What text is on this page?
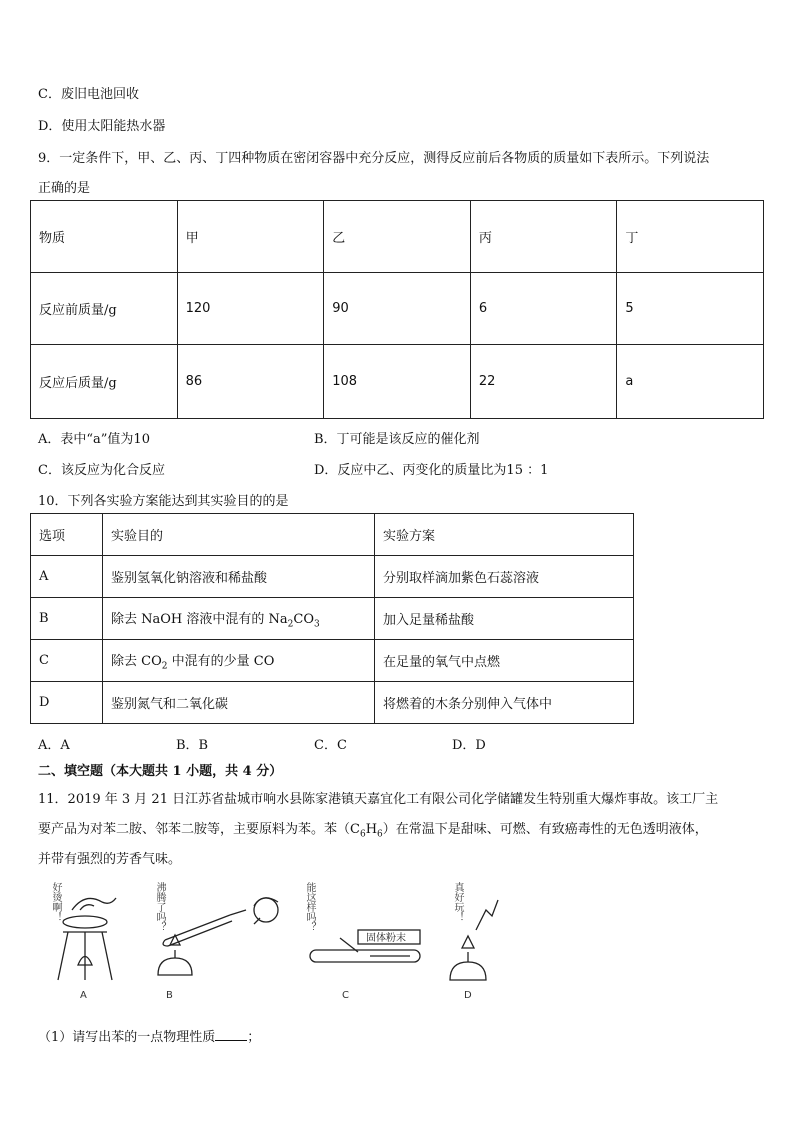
C．废旧电池回收
D．使用太阳能热水器
9．一定条件下，甲、乙、丙、丁四种物质在密闭容器中充分反应，测得反应前后各物质的质量如下表所示。下列说法
正确的是
物质	甲	乙	丙	丁
反应前质量/g	120	90	6	5
反应后质量/g	86	108	22	a
A．表中“a”值为10	B．丁可能是该反应的催化剂
C．该反应为化合反应	D．反应中乙、丙变化的质量比为15 ：1
10．下列各实验方案能达到其实验目的的是
选项	实验目的	实验方案
A	鉴别氢氧化钠溶液和稀盐酸	分别取样滴加紫色石蕊溶液
B	除去 NaOH 溶液中混有的 $Na_2CO_3$	加入足量稀盐酸
C	除去 $CO_2$ 中混有的少量 CO	在足量的氧气中点燃
D	鉴别氮气和二氧化碳	将燃着的木条分别伸入气体中
A．A	B．B	C．C	D．D
二、填空题（本大题共 1 小题，共 4 分）
11．2019 年 3 月 21 日江苏省盐城市响水县陈家港镇天嘉宜化工有限公司化学储罐发生特别重大爆炸事故。该工厂主
要产品为对苯二胺、邻苯二胺等，主要原料为苯。苯$(C_6H_6)$在常温下是甜味、可燃、有致癌毒性的无色透明液体，
并带有强烈的芳香气味。
固体粉末
好烫啊！	沸腾了吗？	能这样吗？	真好玩！
A	B	C	D
（1）请写出苯的一点物理性质 ；
